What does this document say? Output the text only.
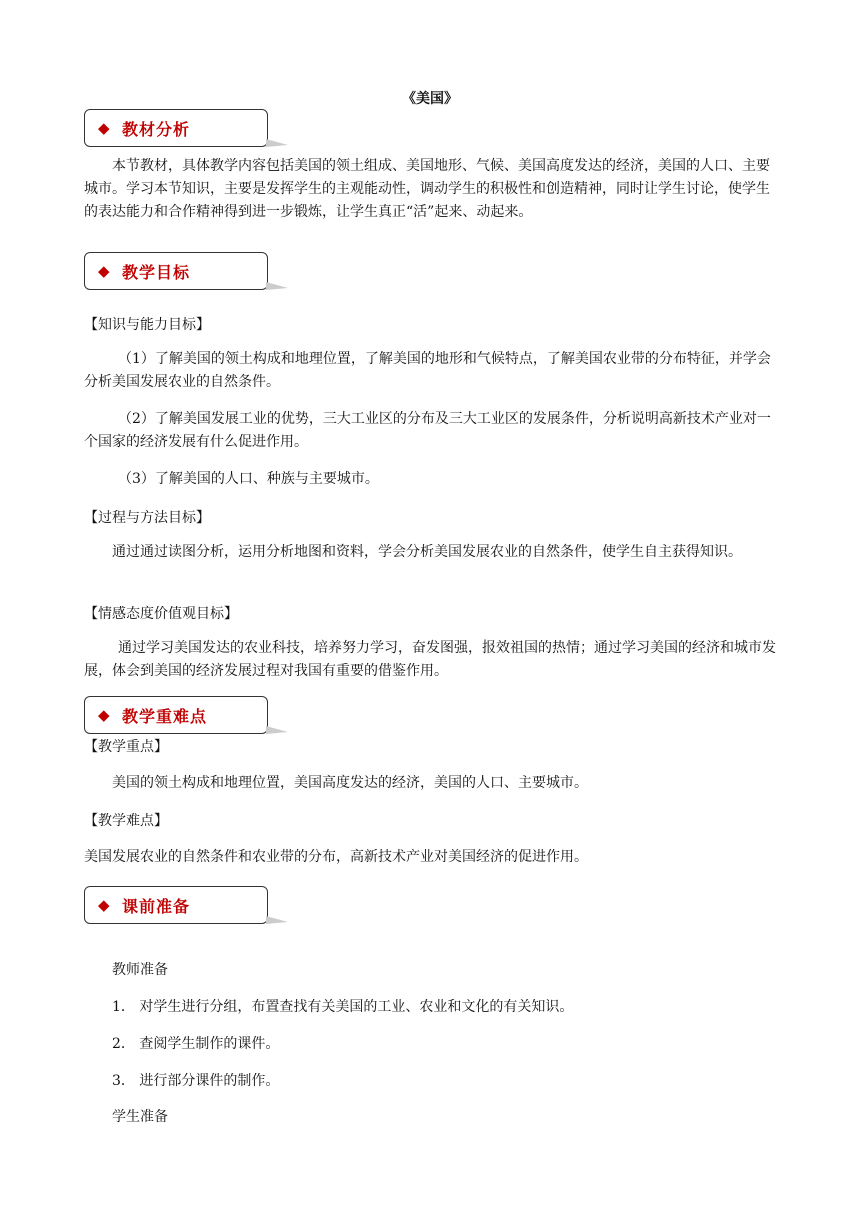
《美国》
◆ 教材分析
本节教材，具体教学内容包括美国的领土组成、美国地形、气候、美国高度发达的经济，美国的人口、主要城市。学习本节知识，主要是发挥学生的主观能动性，调动学生的积极性和创造精神，同时让学生讨论，使学生的表达能力和合作精神得到进一步锻炼，让学生真正“活”起来、动起来。
◆ 教学目标
【知识与能力目标】
（1）了解美国的领土构成和地理位置，了解美国的地形和气候特点，了解美国农业带的分布特征，并学会分析美国发展农业的自然条件。
（2）了解美国发展工业的优势，三大工业区的分布及三大工业区的发展条件，分析说明高新技术产业对一个国家的经济发展有什么促进作用。
（3）了解美国的人口、种族与主要城市。
【过程与方法目标】
通过通过读图分析，运用分析地图和资料，学会分析美国发展农业的自然条件，使学生自主获得知识。
【情感态度价值观目标】
通过学习美国发达的农业科技，培养努力学习，奋发图强，报效祖国的热情；通过学习美国的经济和城市发展，体会到美国的经济发展过程对我国有重要的借鉴作用。
◆ 教学重难点
【教学重点】
美国的领土构成和地理位置，美国高度发达的经济，美国的人口、主要城市。
【教学难点】
美国发展农业的自然条件和农业带的分布，高新技术产业对美国经济的促进作用。
◆ 课前准备
教师准备
1． 对学生进行分组，布置查找有关美国的工业、农业和文化的有关知识。
2． 查阅学生制作的课件。
3． 进行部分课件的制作。
学生准备
